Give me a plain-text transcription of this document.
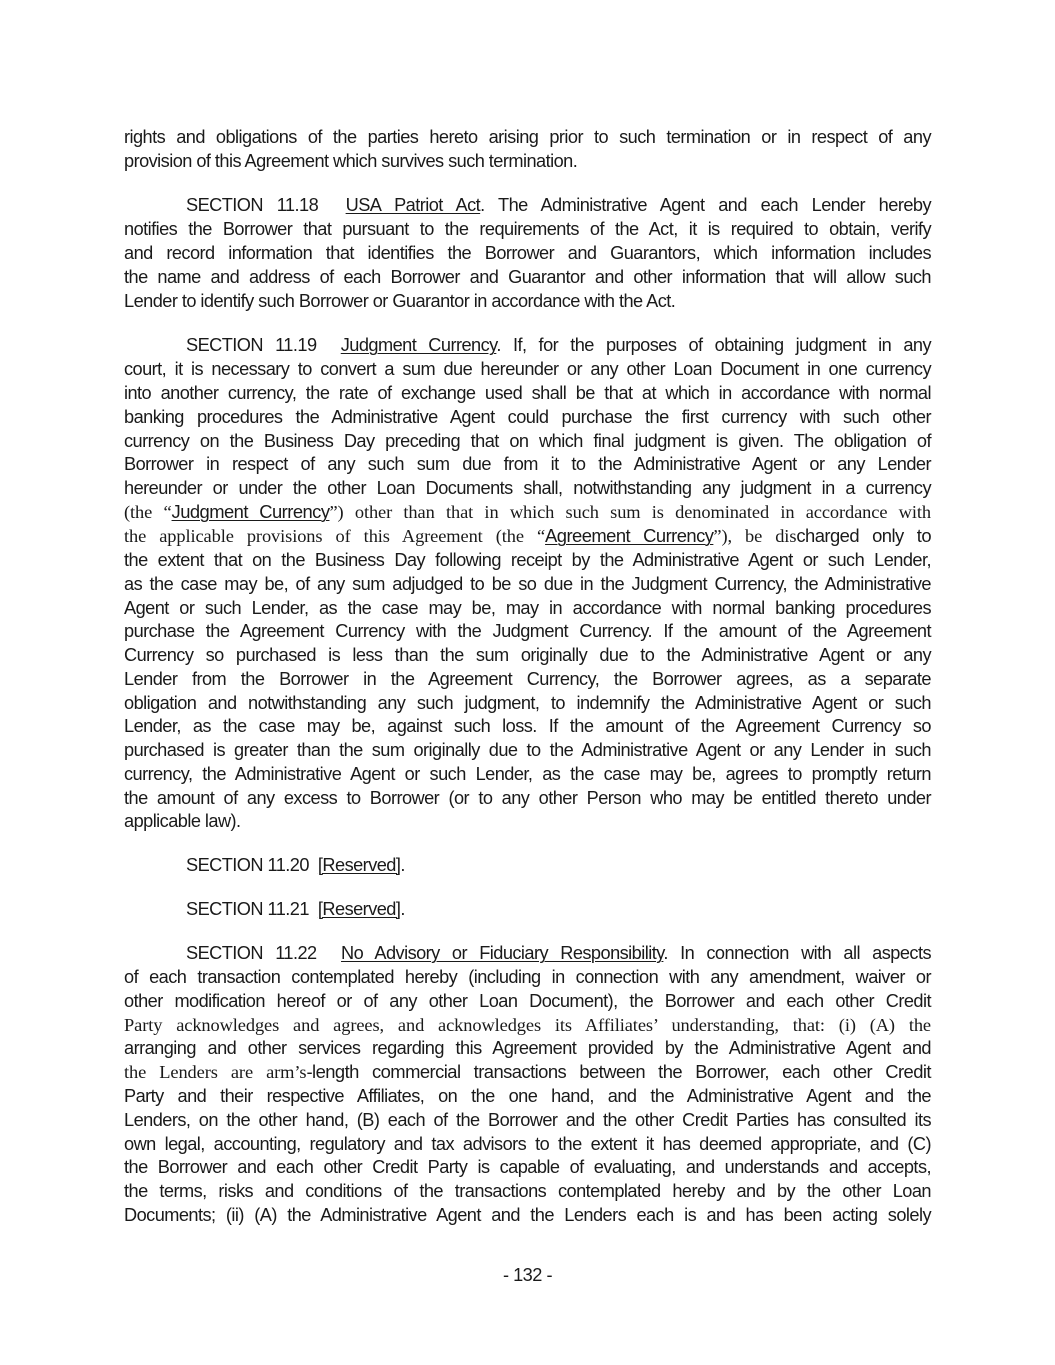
rights and obligations of the parties hereto arising prior to such termination or in respect of any
provision of this Agreement which survives such termination.
SECTION 11.18 USA Patriot Act. The Administrative Agent and each Lender hereby
notifies the Borrower that pursuant to the requirements of the Act, it is required to obtain, verify
and record information that identifies the Borrower and Guarantors, which information includes
the name and address of each Borrower and Guarantor and other information that will allow such
Lender to identify such Borrower or Guarantor in accordance with the Act.
SECTION 11.19 Judgment Currency. If, for the purposes of obtaining judgment in any
court, it is necessary to convert a sum due hereunder or any other Loan Document in one currency
into another currency, the rate of exchange used shall be that at which in accordance with normal
banking procedures the Administrative Agent could purchase the first currency with such other
currency on the Business Day preceding that on which final judgment is given. The obligation of
Borrower in respect of any such sum due from it to the Administrative Agent or any Lender
hereunder or under the other Loan Documents shall, notwithstanding any judgment in a currency
(the “Judgment Currency”) other than that in which such sum is denominated in accordance with
the applicable provisions of this Agreement (the “Agreement Currency”), be discharged only to
the extent that on the Business Day following receipt by the Administrative Agent or such Lender,
as the case may be, of any sum adjudged to be so due in the Judgment Currency, the Administrative
Agent or such Lender, as the case may be, may in accordance with normal banking procedures
purchase the Agreement Currency with the Judgment Currency. If the amount of the Agreement
Currency so purchased is less than the sum originally due to the Administrative Agent or any
Lender from the Borrower in the Agreement Currency, the Borrower agrees, as a separate
obligation and notwithstanding any such judgment, to indemnify the Administrative Agent or such
Lender, as the case may be, against such loss. If the amount of the Agreement Currency so
purchased is greater than the sum originally due to the Administrative Agent or any Lender in such
currency, the Administrative Agent or such Lender, as the case may be, agrees to promptly return
the amount of any excess to Borrower (or to any other Person who may be entitled thereto under
applicable law).
SECTION 11.20 [Reserved].
SECTION 11.21 [Reserved].
SECTION 11.22 No Advisory or Fiduciary Responsibility. In connection with all aspects
of each transaction contemplated hereby (including in connection with any amendment, waiver or
other modification hereof or of any other Loan Document), the Borrower and each other Credit
Party acknowledges and agrees, and acknowledges its Affiliates’ understanding, that: (i) (A) the
arranging and other services regarding this Agreement provided by the Administrative Agent and
the Lenders are arm’s-length commercial transactions between the Borrower, each other Credit
Party and their respective Affiliates, on the one hand, and the Administrative Agent and the
Lenders, on the other hand, (B) each of the Borrower and the other Credit Parties has consulted its
own legal, accounting, regulatory and tax advisors to the extent it has deemed appropriate, and (C)
the Borrower and each other Credit Party is capable of evaluating, and understands and accepts,
the terms, risks and conditions of the transactions contemplated hereby and by the other Loan
Documents; (ii) (A) the Administrative Agent and the Lenders each is and has been acting solely
- 132 -
